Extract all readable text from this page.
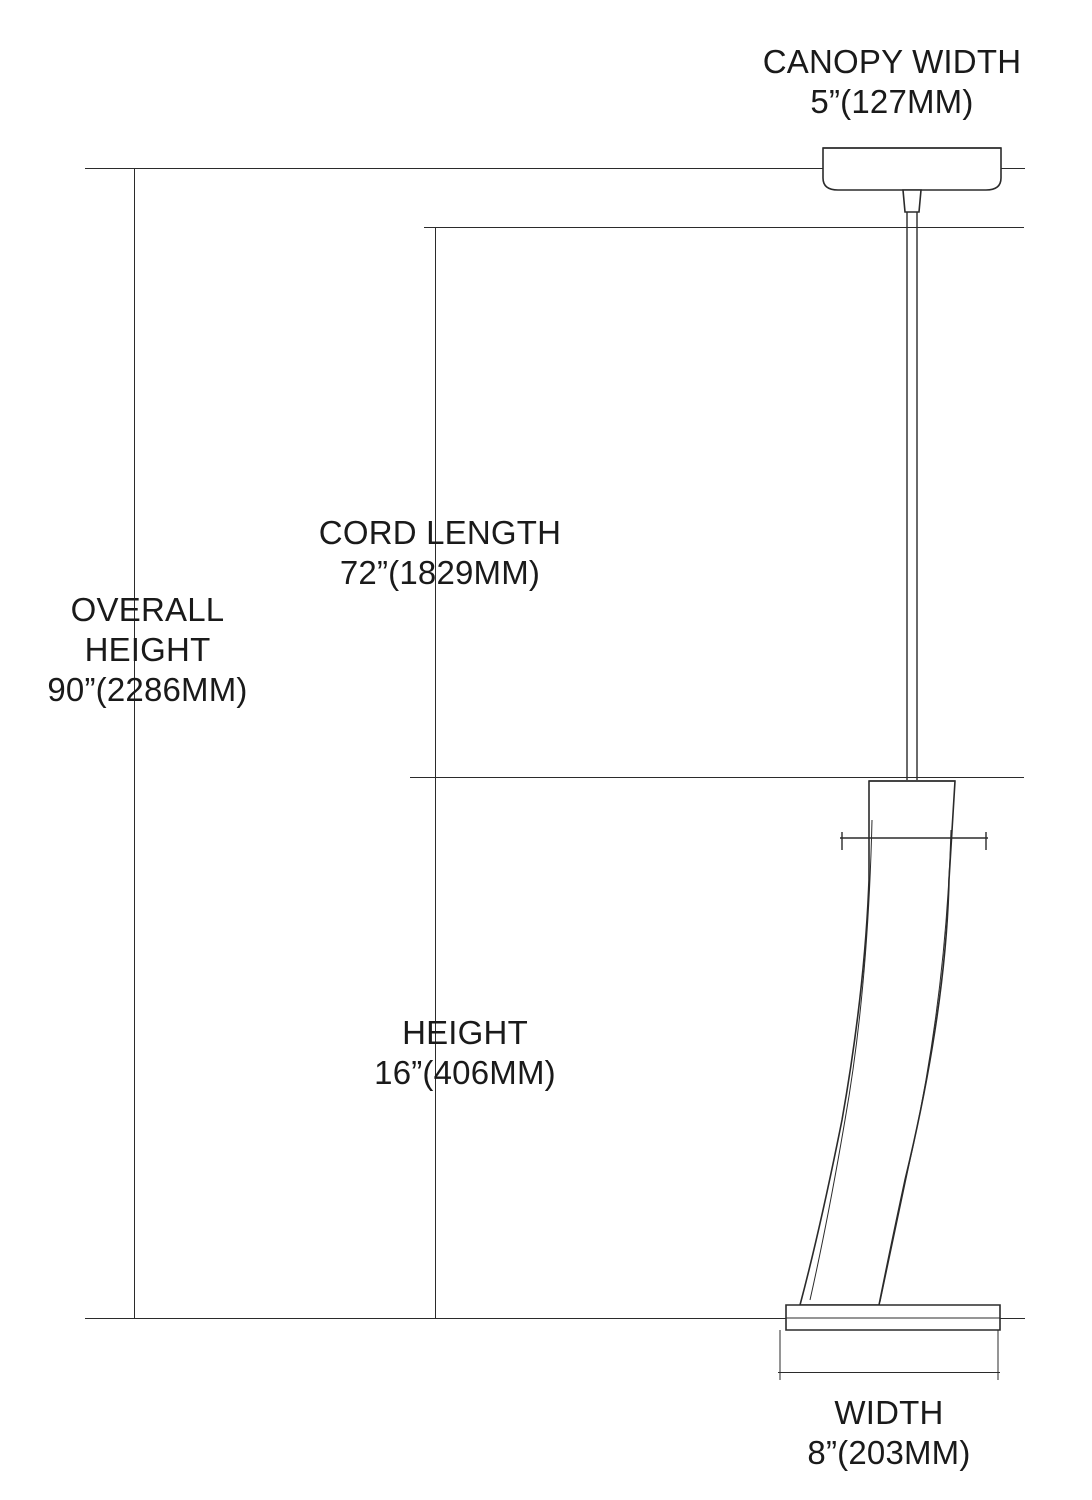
CANOPY WIDTH
5”(127MM)
CORD LENGTH
72”(1829MM)
OVERALL
HEIGHT
90”(2286MM)
HEIGHT
16”(406MM)
WIDTH
8”(203MM)
